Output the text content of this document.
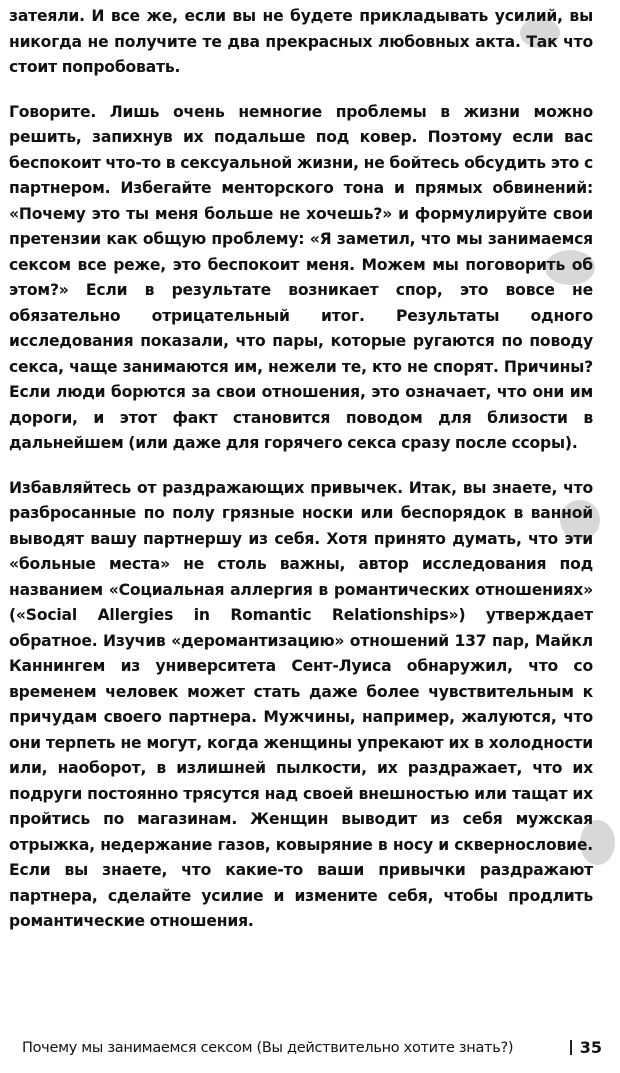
затеяли. И все же, если вы не будете прикладывать усилий, вы никогда не получите те два прекрасных любовных акта. Так что стоит попробовать.

Говорите. Лишь очень немногие проблемы в жизни можно решить, запихнув их подальше под ковер. Поэтому если вас беспокоит что-то в сексуальной жизни, не бойтесь обсудить это с партнером. Избегайте менторского тона и прямых обвинений: «Почему это ты меня больше не хочешь?» и формулируйте свои претензии как общую проблему: «Я заметил, что мы занимаемся сексом все реже, это беспокоит меня. Можем мы поговорить об этом?» Если в результате возникает спор, это вовсе не обязательно отрицательный итог. Результаты одного исследования показали, что пары, которые ругаются по поводу секса, чаще занимаются им, нежели те, кто не спорят. Причины? Если люди борются за свои отношения, это означает, что они им дороги, и этот факт становится поводом для близости в дальнейшем (или даже для горячего секса сразу после ссоры).

Избавляйтесь от раздражающих привычек. Итак, вы знаете, что разбросанные по полу грязные носки или беспорядок в ванной выводят вашу партнершу из себя. Хотя принято думать, что эти «больные места» не столь важны, автор исследования под названием «Социальная аллергия в романтических отношениях» («Social Allergies in Romantic Relationships») утверждает обратное. Изучив «деромантизацию» отношений 137 пар, Майкл Каннингем из университета Сент-Луиса обнаружил, что со временем человек может стать даже более чувствительным к причудам своего партнера. Мужчины, например, жалуются, что они терпеть не могут, когда женщины упрекают их в холодности или, наоборот, в излишней пылкости, их раздражает, что их подруги постоянно трясутся над своей внешностью или тащат их пройтись по магазинам. Женщин выводит из себя мужская отрыжка, недержание газов, ковыряние в носу и сквернословие. Если вы знаете, что какие-то ваши привычки раздражают партнера, сделайте усилие и измените себя, чтобы продлить романтические отношения.

Почему мы занимаемся сексом (Вы действительно хотите знать?)	35
